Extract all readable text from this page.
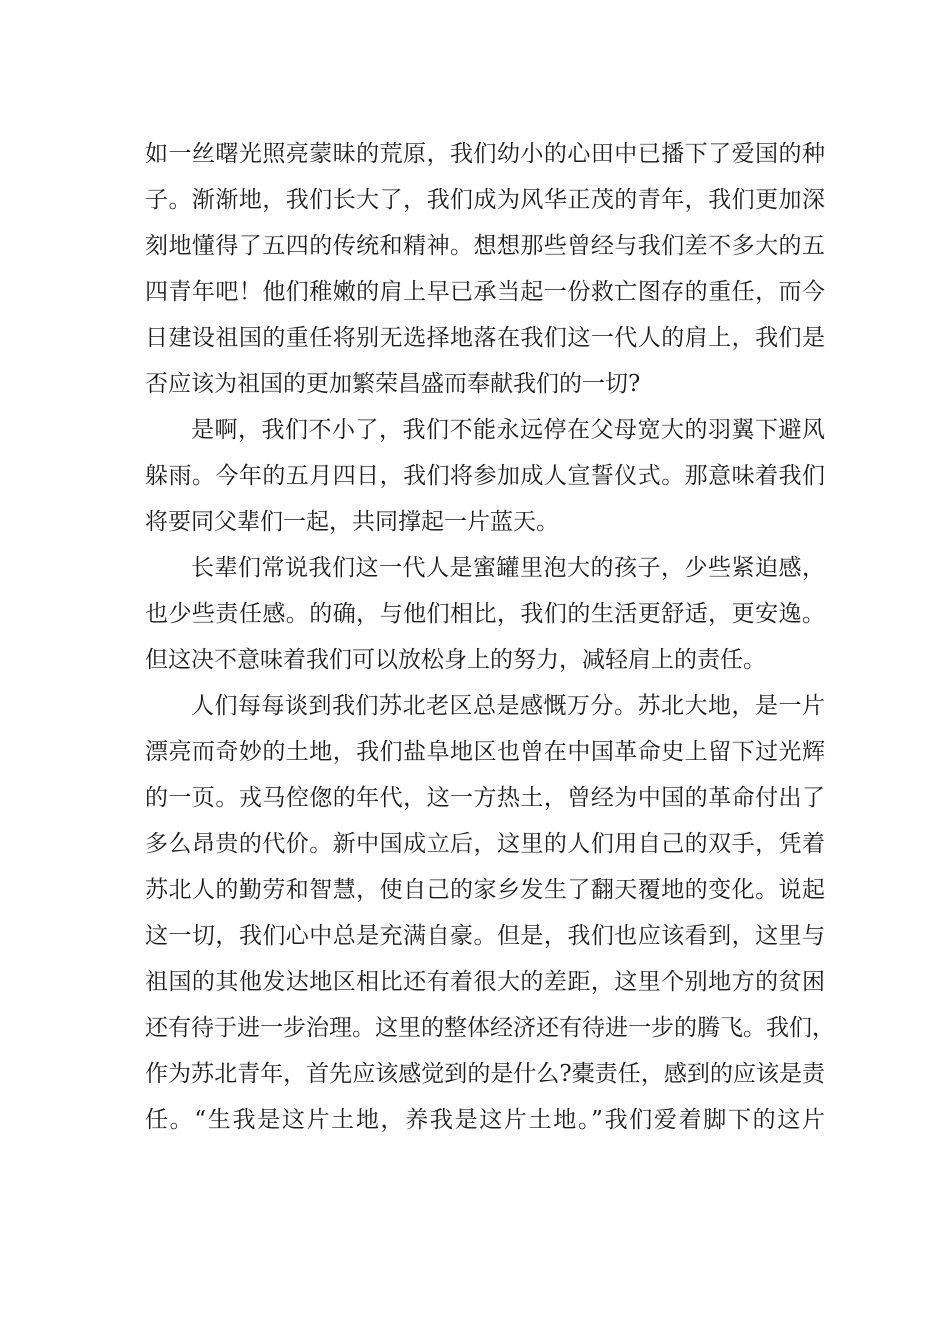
如一丝曙光照亮蒙昧的荒原，我们幼小的心田中已播下了爱国的种
子。渐渐地，我们长大了，我们成为风华正茂的青年，我们更加深
刻地懂得了五四的传统和精神。想想那些曾经与我们差不多大的五
四青年吧！他们稚嫩的肩上早已承当起一份救亡图存的重任，而今
日建设祖国的重任将别无选择地落在我们这一代人的肩上，我们是
否应该为祖国的更加繁荣昌盛而奉献我们的一切?
是啊，我们不小了，我们不能永远停在父母宽大的羽翼下避风
躲雨。今年的五月四日，我们将参加成人宣誓仪式。那意味着我们
将要同父辈们一起，共同撑起一片蓝天。
长辈们常说我们这一代人是蜜罐里泡大的孩子，少些紧迫感，
也少些责任感。的确，与他们相比，我们的生活更舒适，更安逸。
但这决不意味着我们可以放松身上的努力，减轻肩上的责任。
人们每每谈到我们苏北老区总是感慨万分。苏北大地，是一片
漂亮而奇妙的土地，我们盐阜地区也曾在中国革命史上留下过光辉
的一页。戎马倥偬的年代，这一方热土，曾经为中国的革命付出了
多么昂贵的代价。新中国成立后，这里的人们用自己的双手，凭着
苏北人的勤劳和智慧，使自己的家乡发生了翻天覆地的变化。说起
这一切，我们心中总是充满自豪。但是，我们也应该看到，这里与
祖国的其他发达地区相比还有着很大的差距，这里个别地方的贫困
还有待于进一步治理。这里的整体经济还有待进一步的腾飞。我们，
作为苏北青年，首先应该感觉到的是什么?橐责任，感到的应该是责
任。“生我是这片土地，养我是这片土地。”我们爱着脚下的这片
